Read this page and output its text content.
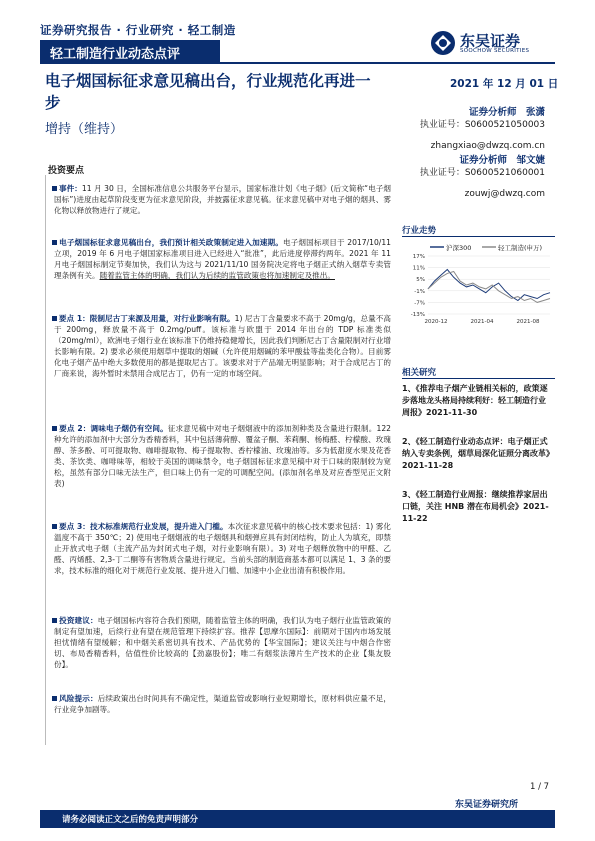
证券研究报告 · 行业研究 · 轻工制造
轻工制造行业动态点评
东吴证券
SOOCHOW SECURITIES
电子烟国标征求意见稿出台，行业规范化再进一步
增持（维持）
2021 年 12 月 01 日
证券分析师　张潇
执业证号：S0600521050003
zhangxiao@dwzq.com.cn
证券分析师　邹文婕
执业证号：S0600521060001
zouwj@dwzq.com
投资要点
事件：11 月 30 日，全国标准信息公共服务平台显示，国家标准计划《电子烟》(后文简称“电子烟国标”)进度由起草阶段变更为征求意见阶段，并披露征求意见稿。征求意见稿中对电子烟的烟具、雾化物以释放物进行了规定。
电子烟国标征求意见稿出台，我们预计相关政策制定进入加速期。电子烟国标项目于 2017/10/11 立项，2019 年 6 月电子烟国家标准项目进入已经进入“批准”，此后进度停滞约两年。2021 年 11 月电子烟国标制定节奏加快，我们认为这与 2021/11/10 国务院决定将电子烟正式纳入烟草专卖管理条例有关。随着监管主体的明确，我们认为后续的监管政策也将加速制定及推出。
要点 1：限制尼古丁来源及用量，对行业影响有限。1) 尼古丁含量要求不高于 20mg/g，总量不高于 200mg，释放量不高于 0.2mg/puff。该标准与欧盟于 2014 年出台的 TDP 标准类似（20mg/ml），欧洲电子烟行业在该标准下仍维持稳健增长，因此我们判断尼古丁含量限制对行业增长影响有限。2) 要求必须使用烟草中提取的烟碱（允许使用烟碱的苯甲酸盐等盐类化合物）。目前雾化电子烟产品中绝大多数使用的都是提取尼古丁。该要求对于产品端无明显影响；对于合成尼古丁的厂商来说，海外暂时未禁用合成尼古丁，仍有一定的市场空间。
要点 2：调味电子烟仍有空间。征求意见稿中对电子烟烟液中的添加剂种类及含量进行限制。122 种允许的添加剂中大部分为香精香料，其中包括薄荷醇、覆盆子酮、苯莉酮、杨梅醛、柠檬酸、玫瑰醇、茶多酚、可可提取物、咖啡提取物、梅子提取物、香柠檬油、玫瑰油等。多为低甜度水果及花香类、茶饮类、咖啡味等，相较于美国的调味禁令，电子烟国标征求意见稿中对于口味的限制较为宽松，虽然有部分口味无法生产，但口味上仍有一定的可调配空间。(添加剂名单及对应香型见正文附表)
要点 3：技术标准规范行业发展，提升进入门槛。本次征求意见稿中的核心技术要求包括：1) 雾化温度不高于 350℃；2) 使用电子烟烟液的电子烟烟具和烟弹应具有封闭结构，防止人为填充，即禁止开放式电子烟（主流产品为封闭式电子烟，对行业影响有限）。3) 对电子烟释放物中的甲醛、乙醛、丙烯醛、2,3-丁二酮等有害物质含量进行规定。当前头部的制造商基本都可以满足 1、3 条的要求，技术标准的细化对于规范行业发展、提升进入门槛、加速中小企业出清有积极作用。
投资建议：电子烟国标内容符合我们预期，随着监管主体的明确，我们认为电子烟行业监管政策的制定有望加速，后续行业有望在规范管理下持续扩容。推荐【思摩尔国际】：前期对于国内市场发展担忧情绪有望缓解；和中烟关系密切具有技术、产品优势的【华宝国际】；建议关注与中烟合作密切、布局香精香料，估值性价比较高的【劲嘉股份】；唯二有烟浆法薄片生产技术的企业【集友股份】。
风险提示：后续政策出台时间具有不确定性，渠道监管或影响行业短期增长，原材料供应量不足，行业竞争加剧等。
行业走势
沪深300	轻工制造(申万)
17%
11%
5%
-1%
-7%
-13%
2020-12	2021-04	2021-08
相关研究
1、《推荐电子烟产业链相关标的，政策逐步落地龙头格局持续利好：轻工制造行业周报》2021-11-30
2、《轻工制造行业动态点评：电子烟正式纳入专卖条例，烟草局深化证照分离改革》2021-11-28
3、《轻工制造行业周报：继续推荐家居出口链，关注 HNB 潜在布局机会》2021-11-22
1 / 7
东吴证券研究所
请务必阅读正文之后的免责声明部分
